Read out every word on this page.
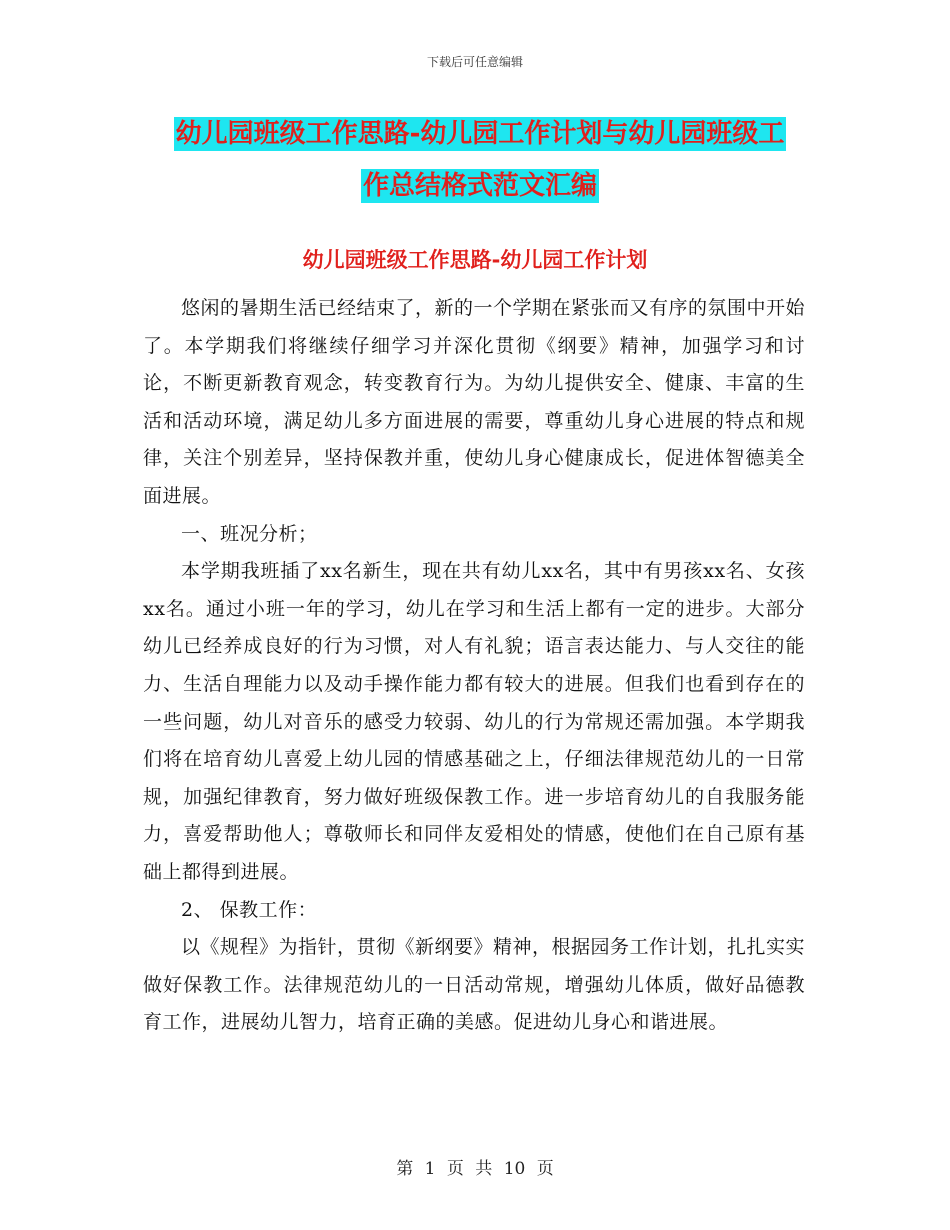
下载后可任意编辑
幼儿园班级工作思路-幼儿园工作计划与幼儿园班级工
作总结格式范文汇编
幼儿园班级工作思路-幼儿园工作计划

悠闲的暑期生活已经结束了，新的一个学期在紧张而又有序的氛围中开始了。本学期我们将继续仔细学习并深化贯彻《纲要》精神，加强学习和讨论，不断更新教育观念，转变教育行为。为幼儿提供安全、健康、丰富的生活和活动环境，满足幼儿多方面进展的需要，尊重幼儿身心进展的特点和规律，关注个别差异，坚持保教并重，使幼儿身心健康成长，促进体智德美全面进展。

一、班况分析；

本学期我班插了xx名新生，现在共有幼儿xx名，其中有男孩xx名、女孩xx名。通过小班一年的学习，幼儿在学习和生活上都有一定的进步。大部分幼儿已经养成良好的行为习惯，对人有礼貌；语言表达能力、与人交往的能力、生活自理能力以及动手操作能力都有较大的进展。但我们也看到存在的一些问题，幼儿对音乐的感受力较弱、幼儿的行为常规还需加强。本学期我们将在培育幼儿喜爱上幼儿园的情感基础之上，仔细法律规范幼儿的一日常规，加强纪律教育，努力做好班级保教工作。进一步培育幼儿的自我服务能力，喜爱帮助他人；尊敬师长和同伴友爱相处的情感，使他们在自己原有基础上都得到进展。

2、 保教工作：

以《规程》为指针，贯彻《新纲要》精神，根据园务工作计划，扎扎实实做好保教工作。法律规范幼儿的一日活动常规，增强幼儿体质，做好品德教育工作，进展幼儿智力，培育正确的美感。促进幼儿身心和谐进展。

第 1 页 共 10 页
